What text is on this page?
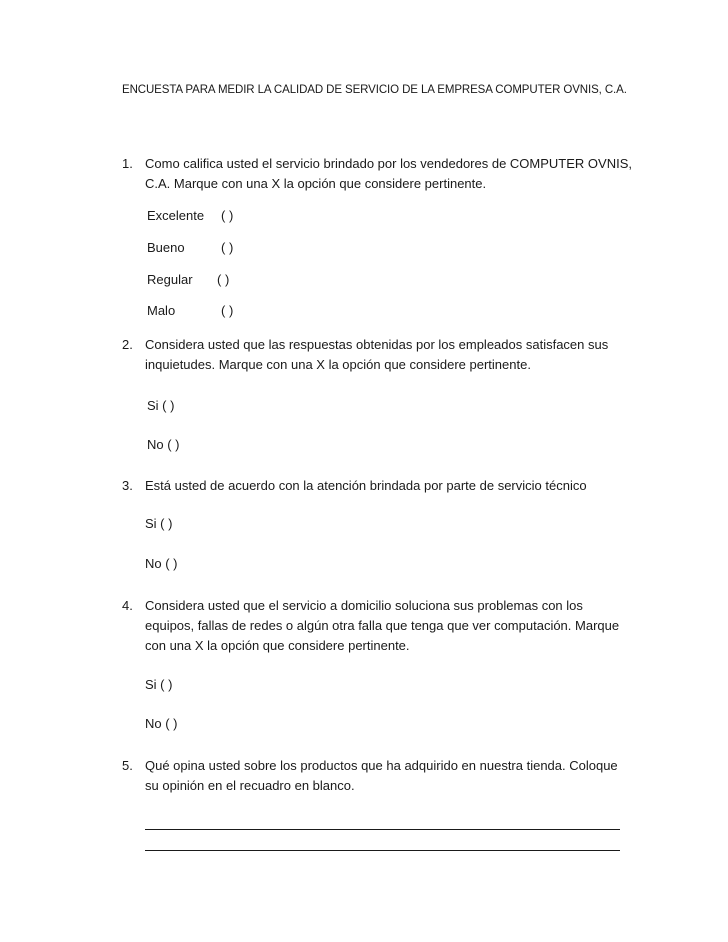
ENCUESTA PARA MEDIR LA CALIDAD DE SERVICIO DE LA EMPRESA COMPUTER OVNIS, C.A.
1. Como califica usted el servicio brindado por los vendedores de COMPUTER OVNIS,
C.A. Marque con una X la opción que considere pertinente.
Excelente ( )
Bueno	( )
Regular ( )
Malo	( )
2. Considera usted que las respuestas obtenidas por los empleados satisfacen sus
inquietudes. Marque con una X la opción que considere pertinente.
Si ( )
No ( )
3. Está usted de acuerdo con la atención brindada por parte de servicio técnico
Si ( )
No ( )
4. Considera usted que el servicio a domicilio soluciona sus problemas con los
equipos, fallas de redes o algún otra falla que tenga que ver computación. Marque
con una X la opción que considere pertinente.
Si ( )
No ( )
5. Qué opina usted sobre los productos que ha adquirido en nuestra tienda. Coloque
su opinión en el recuadro en blanco.
